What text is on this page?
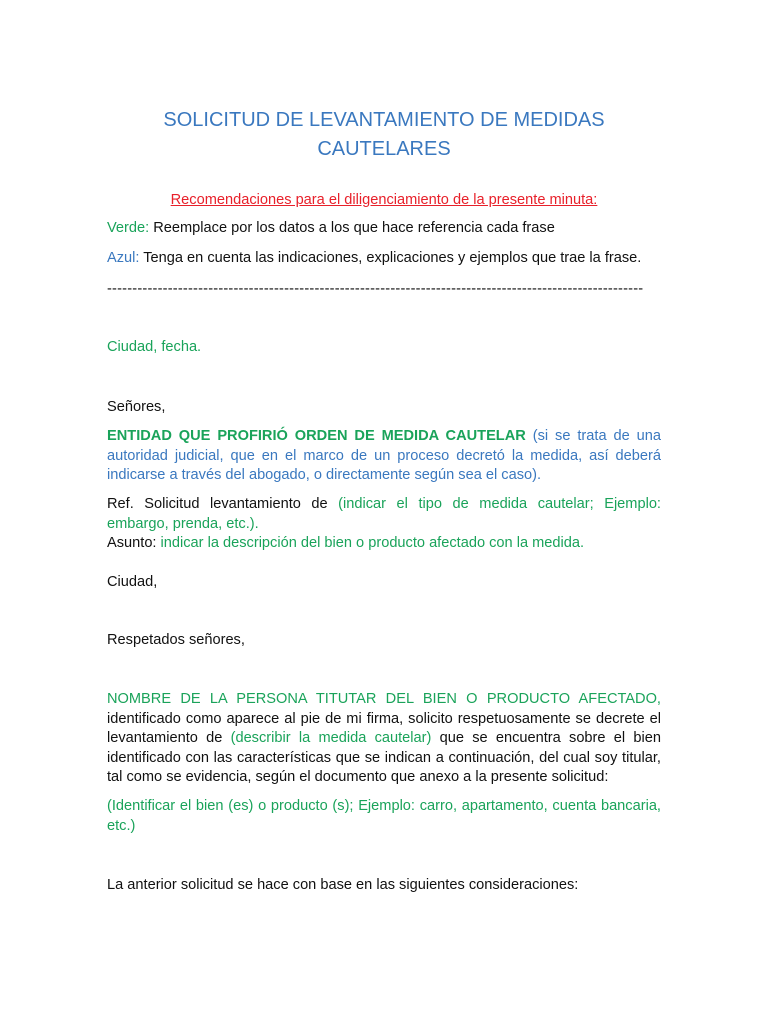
SOLICITUD DE LEVANTAMIENTO DE MEDIDAS
CAUTELARES
Recomendaciones para el diligenciamiento de la presente minuta:
Verde: Reemplace por los datos a los que hace referencia cada frase
Azul: Tenga en cuenta las indicaciones, explicaciones y ejemplos que trae la frase.
----------------------------------------------------------------------------------------------------------
Ciudad, fecha.
Señores,
ENTIDAD QUE PROFIRIÓ ORDEN DE MEDIDA CAUTELAR (si se trata de una autoridad judicial, que en el marco de un proceso decretó la medida, así deberá indicarse a través del abogado, o directamente según sea el caso).
Ref. Solicitud levantamiento de (indicar el tipo de medida cautelar; Ejemplo: embargo, prenda, etc.).
Asunto: indicar la descripción del bien o producto afectado con la medida.
Ciudad,
Respetados señores,
NOMBRE DE LA PERSONA TITUTAR DEL BIEN O PRODUCTO AFECTADO, identificado como aparece al pie de mi firma, solicito respetuosamente se decrete el levantamiento de (describir la medida cautelar) que se encuentra sobre el bien identificado con las características que se indican a continuación, del cual soy titular, tal como se evidencia, según el documento que anexo a la presente solicitud:
(Identificar el bien (es) o producto (s); Ejemplo: carro, apartamento, cuenta bancaria, etc.)
La anterior solicitud se hace con base en las siguientes consideraciones:
